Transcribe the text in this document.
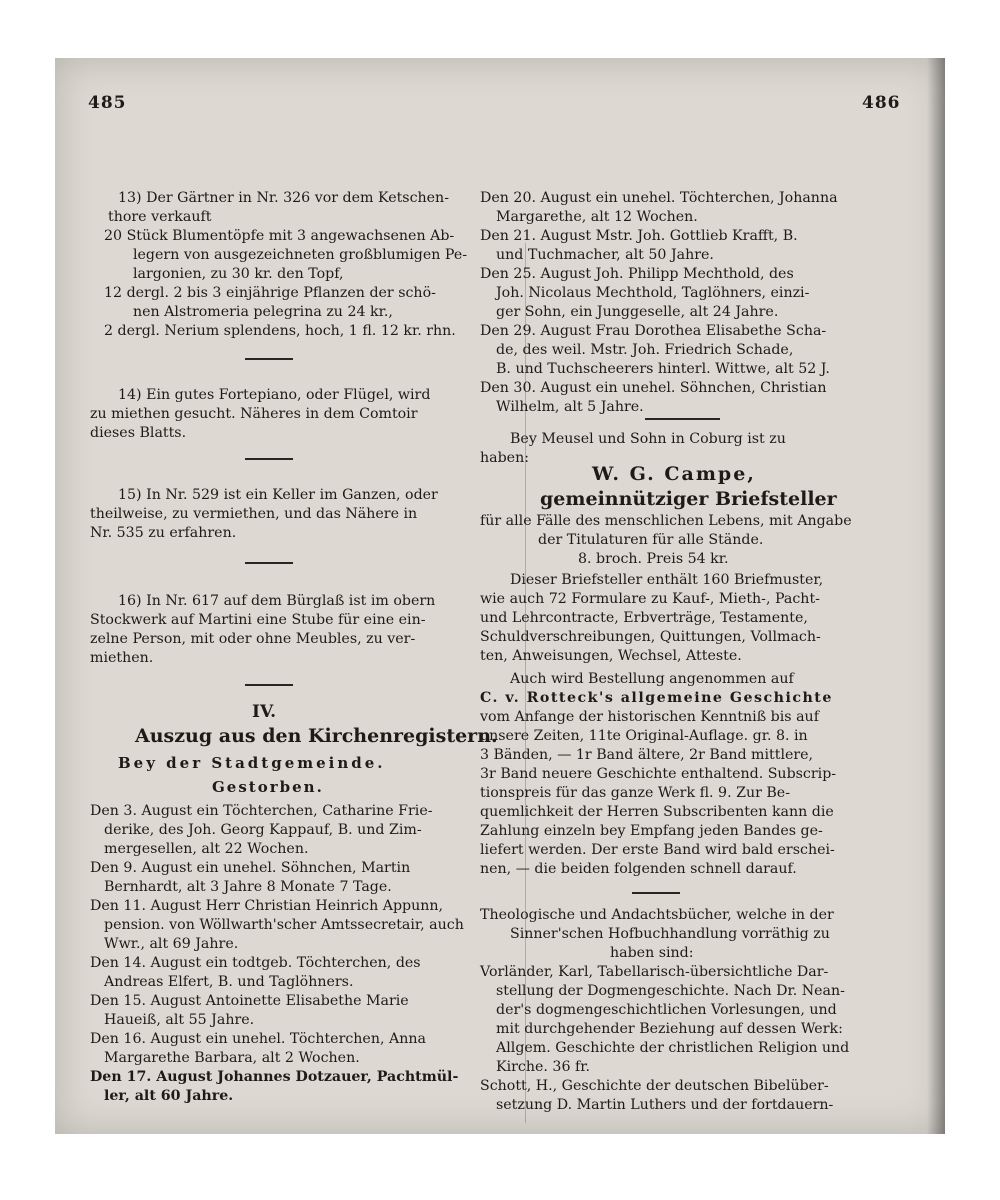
485	486
13) Der Gärtner in Nr. 326 vor dem Ketschen-
thore verkauft
20 Stück Blumentöpfe mit 3 angewachsenen Ab-
legern von ausgezeichneten großblumigen Pe-
largonien, zu 30 kr. den Topf,
12 dergl. 2 bis 3 einjährige Pflanzen der schö-
nen Alstromeria pelegrina zu 24 kr.,
2 dergl. Nerium splendens, hoch, 1 fl. 12 kr. rhn.
14) Ein gutes Fortepiano, oder Flügel, wird
zu miethen gesucht. Näheres in dem Comtoir
dieses Blatts.
15) In Nr. 529 ist ein Keller im Ganzen, oder
theilweise, zu vermiethen, und das Nähere in
Nr. 535 zu erfahren.
16) In Nr. 617 auf dem Bürglaß ist im obern
Stockwerk auf Martini eine Stube für eine ein-
zelne Person, mit oder ohne Meubles, zu ver-
miethen.
IV.
Auszug aus den Kirchenregistern.
Bey der Stadtgemeinde.
Gestorben.
Den 3. August ein Töchterchen, Catharine Frie-
derike, des Joh. Georg Kappauf, B. und Zim-
mergesellen, alt 22 Wochen.
Den 9. August ein unehel. Söhnchen, Martin
Bernhardt, alt 3 Jahre 8 Monate 7 Tage.
Den 11. August Herr Christian Heinrich Appunn,
pension. von Wöllwarth'scher Amtssecretair, auch
Wwr., alt 69 Jahre.
Den 14. August ein todtgeb. Töchterchen, des
Andreas Elfert, B. und Taglöhners.
Den 15. August Antoinette Elisabethe Marie
Haueiß, alt 55 Jahre.
Den 16. August ein unehel. Töchterchen, Anna
Margarethe Barbara, alt 2 Wochen.
Den 17. August Johannes Dotzauer, Pachtmül-
ler, alt 60 Jahre.
Den 20. August ein unehel. Töchterchen, Johanna
Margarethe, alt 12 Wochen.
Den 21. August Mstr. Joh. Gottlieb Krafft, B.
und Tuchmacher, alt 50 Jahre.
Den 25. August Joh. Philipp Mechthold, des
Joh. Nicolaus Mechthold, Taglöhners, einzi-
ger Sohn, ein Junggeselle, alt 24 Jahre.
Den 29. August Frau Dorothea Elisabethe Scha-
de, des weil. Mstr. Joh. Friedrich Schade,
B. und Tuchscheerers hinterl. Wittwe, alt 52 J.
Den 30. August ein unehel. Söhnchen, Christian
Wilhelm, alt 5 Jahre.
Bey Meusel und Sohn in Coburg ist zu
haben:
W. G. Campe,
gemeinnütziger Briefsteller
für alle Fälle des menschlichen Lebens, mit Angabe
der Titulaturen für alle Stände.
8. broch. Preis 54 kr.
Dieser Briefsteller enthält 160 Briefmuster,
wie auch 72 Formulare zu Kauf-, Mieth-, Pacht-
und Lehrcontracte, Erbverträge, Testamente,
Schuldverschreibungen, Quittungen, Vollmach-
ten, Anweisungen, Wechsel, Atteste.
Auch wird Bestellung angenommen auf
C. v. Rotteck's allgemeine Geschichte
vom Anfange der historischen Kenntniß bis auf
unsere Zeiten, 11te Original-Auflage. gr. 8. in
3 Bänden, — 1r Band ältere, 2r Band mittlere,
3r Band neuere Geschichte enthaltend. Subscrip-
tionspreis für das ganze Werk fl. 9. Zur Be-
quemlichkeit der Herren Subscribenten kann die
Zahlung einzeln bey Empfang jeden Bandes ge-
liefert werden. Der erste Band wird bald erschei-
nen, — die beiden folgenden schnell darauf.
Theologische und Andachtsbücher, welche in der
Sinner'schen Hofbuchhandlung vorräthig zu
haben sind:
Vorländer, Karl, Tabellarisch-übersichtliche Dar-
stellung der Dogmengeschichte. Nach Dr. Nean-
der's dogmengeschichtlichen Vorlesungen, und
mit durchgehender Beziehung auf dessen Werk:
Allgem. Geschichte der christlichen Religion und
Kirche. 36 fr.
Schott, H., Geschichte der deutschen Bibelüber-
setzung D. Martin Luthers und der fortdauern-
